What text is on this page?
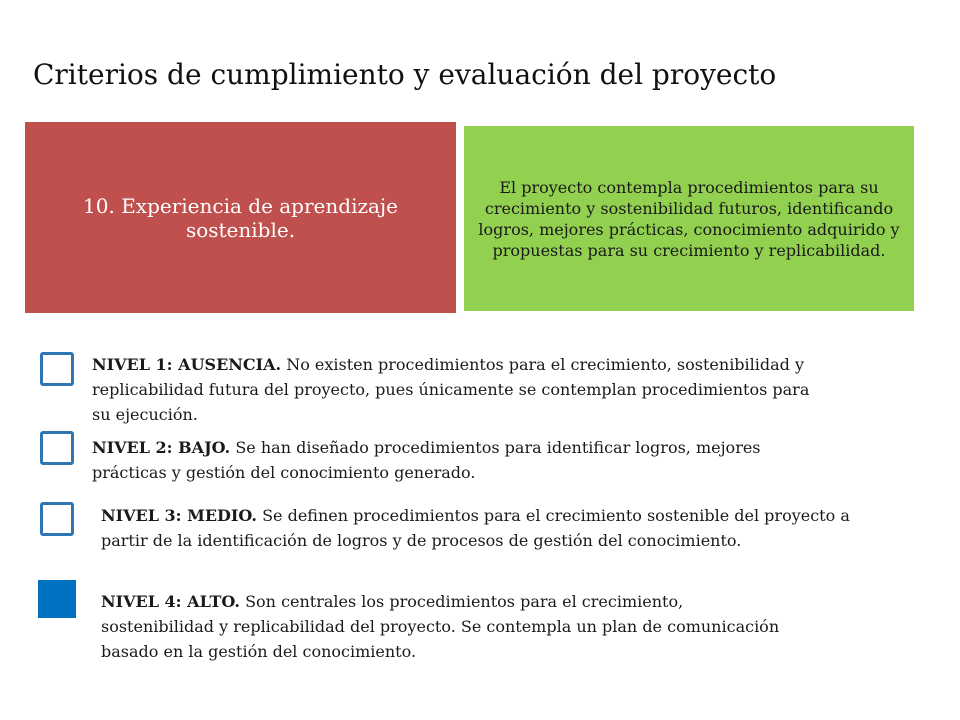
Criterios de cumplimiento y evaluación del proyecto
10. Experiencia de aprendizaje sostenible.
El proyecto contempla procedimientos para su crecimiento y sostenibilidad futuros, identificando logros, mejores prácticas, conocimiento adquirido y propuestas para su crecimiento y replicabilidad.
NIVEL 1: AUSENCIA. No existen procedimientos para el crecimiento, sostenibilidad y replicabilidad futura del proyecto, pues únicamente se contemplan procedimientos para su ejecución.
NIVEL 2: BAJO. Se han diseñado procedimientos para identificar logros, mejores prácticas y gestión del conocimiento generado.
NIVEL 3: MEDIO. Se definen procedimientos para el crecimiento sostenible del proyecto a partir de la identificación de logros y de procesos de gestión del conocimiento.
NIVEL 4: ALTO. Son centrales los procedimientos para el crecimiento, sostenibilidad y replicabilidad del proyecto. Se contempla un plan de comunicación basado en la gestión del conocimiento.
